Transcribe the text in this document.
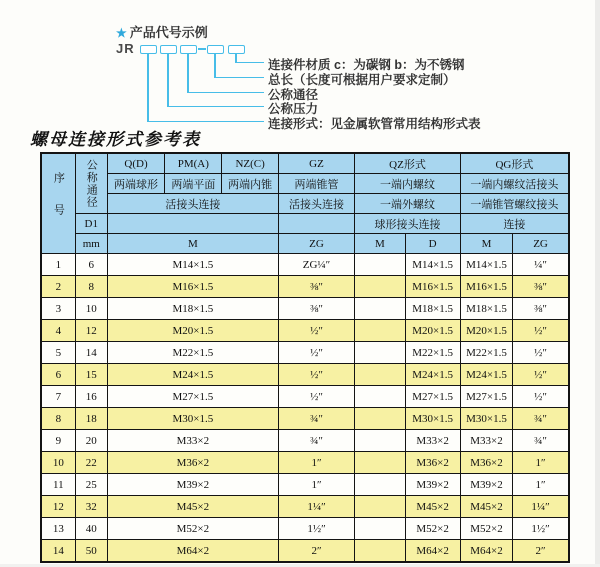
★ 产品代号示例
JR
连接件材质 c：为碳钢 b：为不锈钢
总长（长度可根据用户要求定制）
公称通径
公称压力
连接形式：见金属软管常用结构形式表
螺母连接形式参考表
序号	公称通径	Q(D)	PM(A)	NZ(C)	GZ	QZ形式		QG形式	
		两端球形	两端平面	两端内锥	两端锥管	一端内螺纹		一端内螺纹活接头	
		活接头连接			活接头连接	一端外螺纹		一端锥管螺纹接头	
	D1					球形接头连接		连接	
	mm	M			ZG	M	D	M	ZG
1	6	M14×1.5			ZG¼″		M14×1.5	M14×1.5	¼″
2	8	M16×1.5			⅜″		M16×1.5	M16×1.5	⅜″
3	10	M18×1.5			⅜″		M18×1.5	M18×1.5	⅜″
4	12	M20×1.5			½″		M20×1.5	M20×1.5	½″
5	14	M22×1.5			½″		M22×1.5	M22×1.5	½″
6	15	M24×1.5			½″		M24×1.5	M24×1.5	½″
7	16	M27×1.5			½″		M27×1.5	M27×1.5	½″
8	18	M30×1.5			¾″		M30×1.5	M30×1.5	¾″
9	20	M33×2			¾″		M33×2	M33×2	¾″
10	22	M36×2			1″		M36×2	M36×2	1″
11	25	M39×2			1″		M39×2	M39×2	1″
12	32	M45×2			1¼″		M45×2	M45×2	1¼″
13	40	M52×2			1½″		M52×2	M52×2	1½″
14	50	M64×2			2″		M64×2	M64×2	2″
